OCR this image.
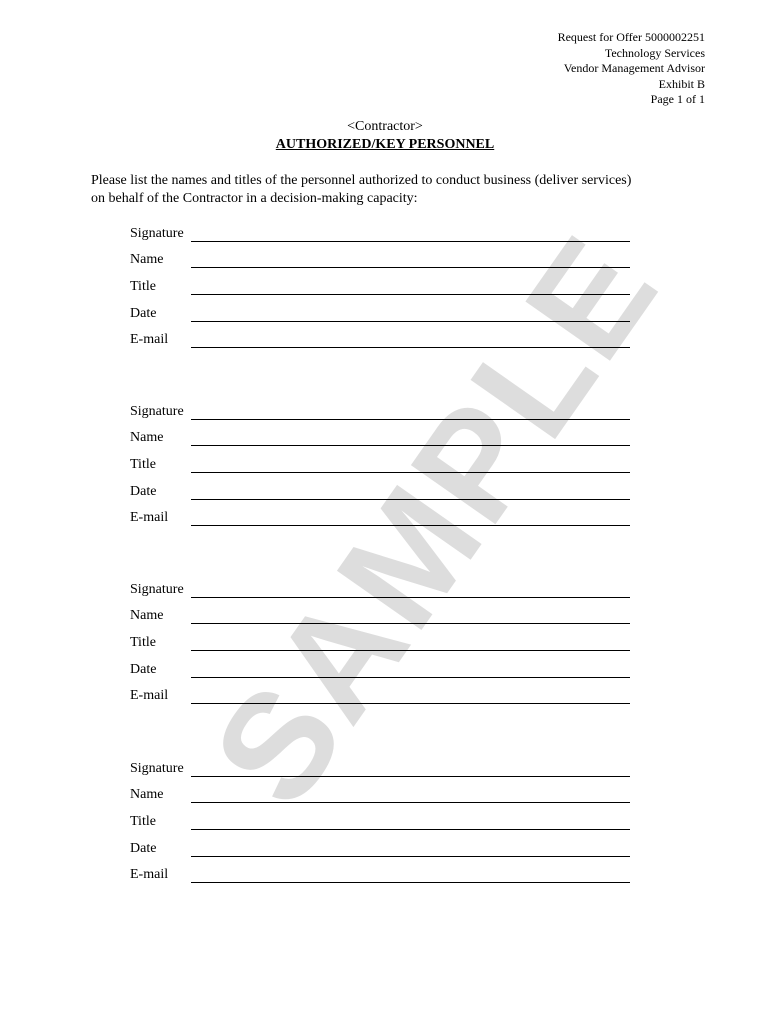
SAMPLE
Request for Offer 5000002251
Technology Services
Vendor Management Advisor
Exhibit B
Page 1 of 1
<Contractor>
AUTHORIZED/KEY PERSONNEL
Please list the names and titles of the personnel authorized to conduct business (deliver services)
on behalf of the Contractor in a decision-making capacity:
Signature
Name
Title
Date
E-mail
Signature
Name
Title
Date
E-mail
Signature
Name
Title
Date
E-mail
Signature
Name
Title
Date
E-mail
